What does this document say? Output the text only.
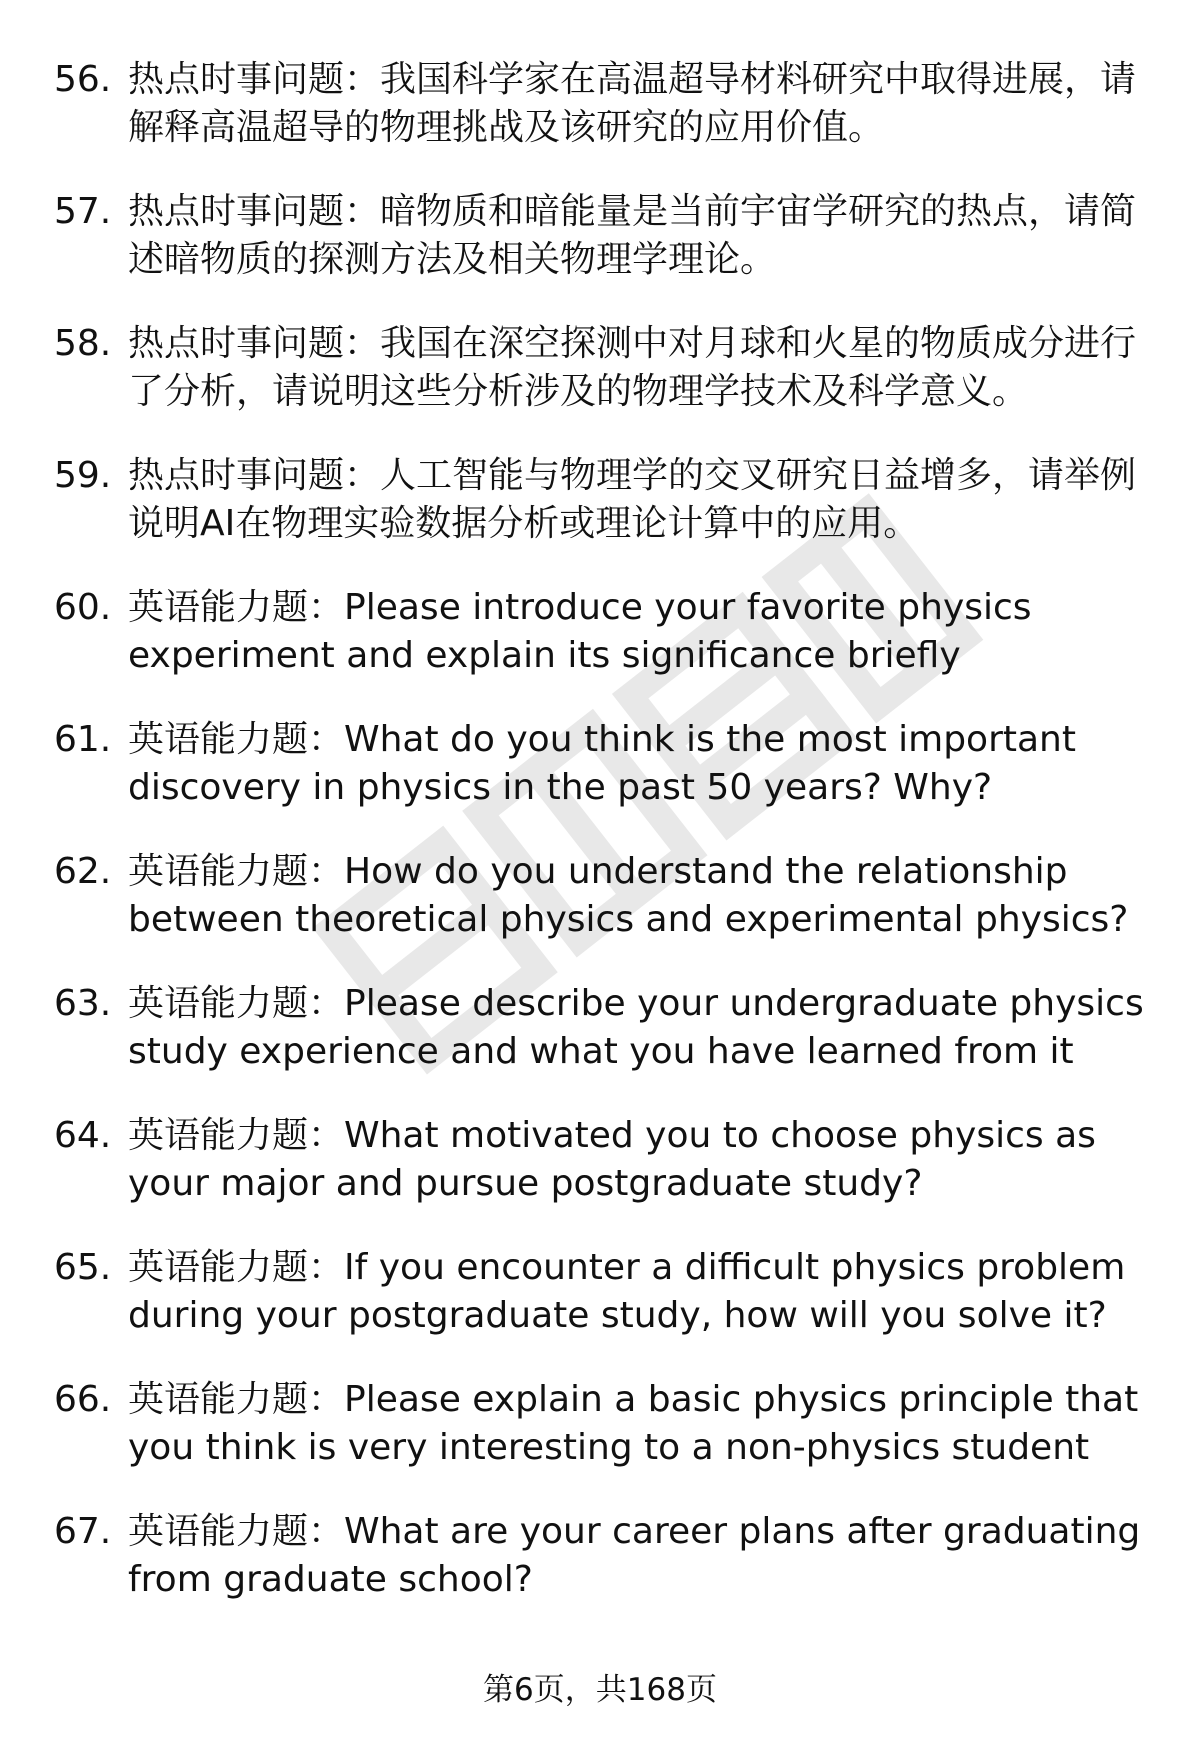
56. 热点时事问题：我国科学家在高温超导材料研究中取得进展，请解释高温超导的物理挑战及该研究的应用价值。

57. 热点时事问题：暗物质和暗能量是当前宇宙学研究的热点，请简述暗物质的探测方法及相关物理学理论。

58. 热点时事问题：我国在深空探测中对月球和火星的物质成分进行了分析，请说明这些分析涉及的物理学技术及科学意义。

59. 热点时事问题：人工智能与物理学的交叉研究日益增多，请举例说明AI在物理实验数据分析或理论计算中的应用。

60. 英语能力题：Please introduce your favorite physics experiment and explain its significance briefly

61. 英语能力题：What do you think is the most important discovery in physics in the past 50 years? Why?

62. 英语能力题：How do you understand the relationship between theoretical physics and experimental physics?

63. 英语能力题：Please describe your undergraduate physics study experience and what you have learned from it

64. 英语能力题：What motivated you to choose physics as your major and pursue postgraduate study?

65. 英语能力题：If you encounter a difficult physics problem during your postgraduate study, how will you solve it?

66. 英语能力题：Please explain a basic physics principle that you think is very interesting to a non-physics student

67. 英语能力题：What are your career plans after graduating from graduate school?

第6页，共168页
